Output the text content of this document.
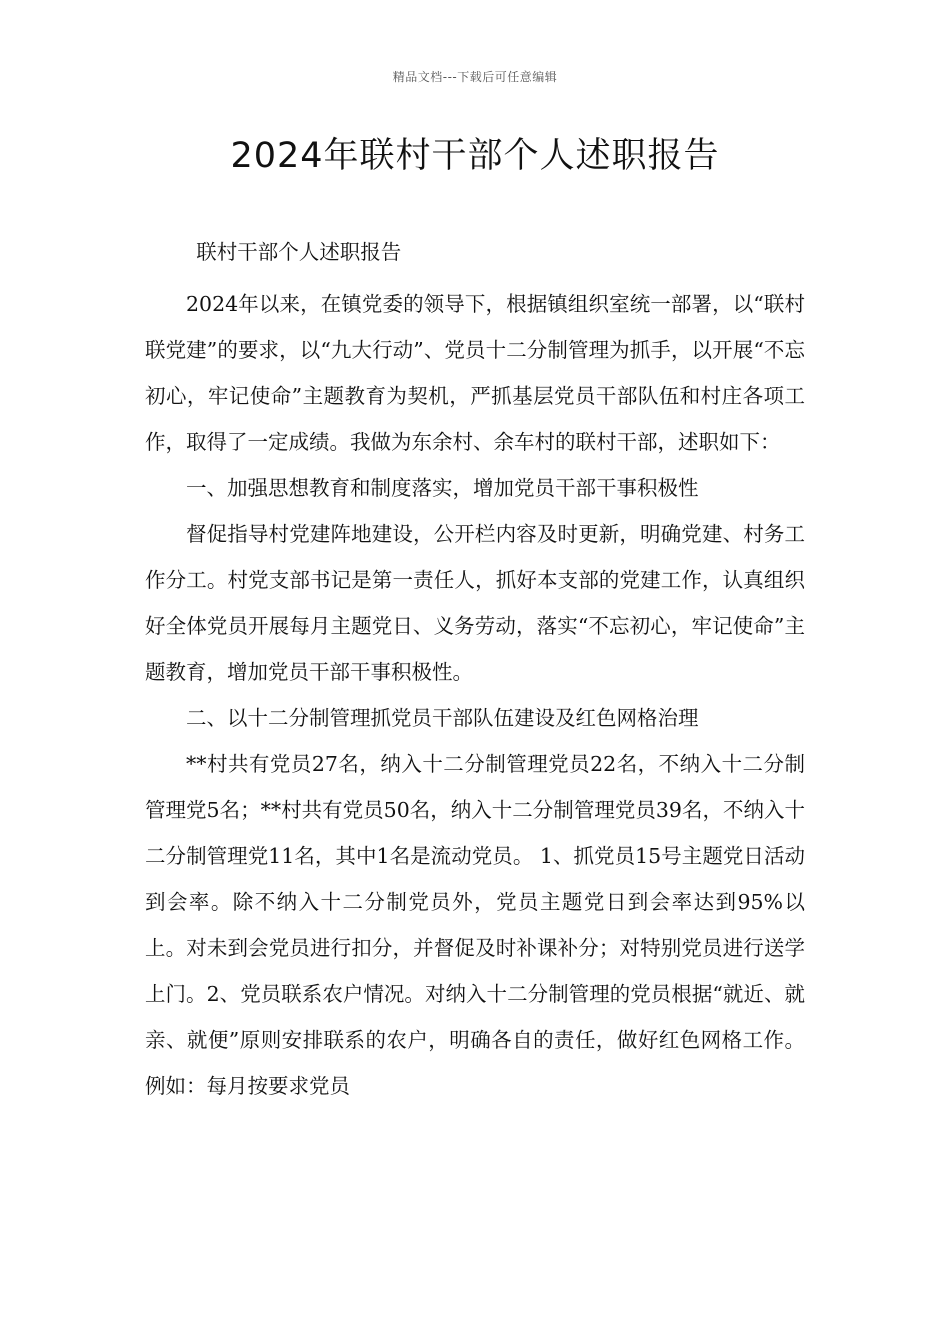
精品文档---下载后可任意编辑
2024年联村干部个人述职报告

联村干部个人述职报告

2024年以来，在镇党委的领导下，根据镇组织室统一部署，以“联村联党建”的要求，以“九大行动”、党员十二分制管理为抓手，以开展“不忘初心，牢记使命”主题教育为契机，严抓基层党员干部队伍和村庄各项工作，取得了一定成绩。我做为东余村、余车村的联村干部，述职如下：

一、加强思想教育和制度落实，增加党员干部干事积极性

督促指导村党建阵地建设，公开栏内容及时更新，明确党建、村务工作分工。村党支部书记是第一责任人，抓好本支部的党建工作，认真组织好全体党员开展每月主题党日、义务劳动，落实“不忘初心，牢记使命”主题教育，增加党员干部干事积极性。

二、以十二分制管理抓党员干部队伍建设及红色网格治理

**村共有党员27名，纳入十二分制管理党员22名，不纳入十二分制管理党5名；**村共有党员50名，纳入十二分制管理党员39名，不纳入十二分制管理党11名，其中1名是流动党员。 1、抓党员15号主题党日活动到会率。除不纳入十二分制党员外，党员主题党日到会率达到95%以上。对未到会党员进行扣分，并督促及时补课补分；对特别党员进行送学上门。2、党员联系农户情况。对纳入十二分制管理的党员根据“就近、就亲、就便”原则安排联系的农户，明确各自的责任，做好红色网格工作。例如：每月按要求党员
